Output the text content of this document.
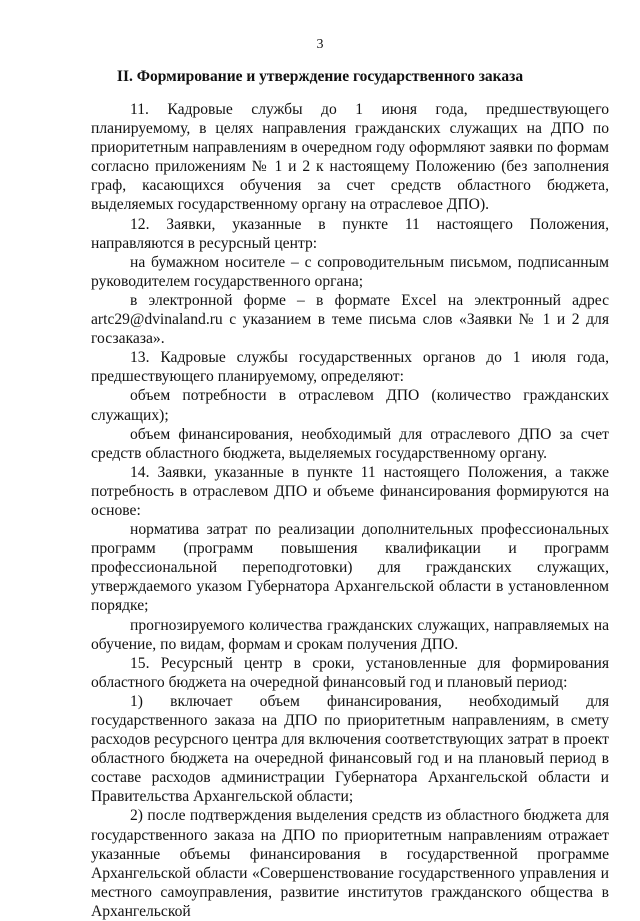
3
II. Формирование и утверждение государственного заказа

11. Кадровые службы до 1 июня года, предшествующего планируемому, в целях направления гражданских служащих на ДПО по приоритетным направлениям в очередном году оформляют заявки по формам согласно приложениям № 1 и 2 к настоящему Положению (без заполнения граф, касающихся обучения за счет средств областного бюджета, выделяемых государственному органу на отраслевое ДПО).

12. Заявки, указанные в пункте 11 настоящего Положения, направляются в ресурсный центр:

на бумажном носителе – с сопроводительным письмом, подписанным руководителем государственного органа;

в электронной форме – в формате Excel на электронный адрес artc29@dvinaland.ru с указанием в теме письма слов «Заявки № 1 и 2 для госзаказа».

13. Кадровые службы государственных органов до 1 июля года, предшествующего планируемому, определяют:

объем потребности в отраслевом ДПО (количество гражданских служащих);

объем финансирования, необходимый для отраслевого ДПО за счет средств областного бюджета, выделяемых государственному органу.

14. Заявки, указанные в пункте 11 настоящего Положения, а также потребность в отраслевом ДПО и объеме финансирования формируются на основе:

норматива затрат по реализации дополнительных профессиональных программ (программ повышения квалификации и программ профессиональной переподготовки) для гражданских служащих, утверждаемого указом Губернатора Архангельской области в установленном порядке;

прогнозируемого количества гражданских служащих, направляемых на обучение, по видам, формам и срокам получения ДПО.

15. Ресурсный центр в сроки, установленные для формирования областного бюджета на очередной финансовый год и плановый период:

1) включает объем финансирования, необходимый для государственного заказа на ДПО по приоритетным направлениям, в смету расходов ресурсного центра для включения соответствующих затрат в проект областного бюджета на очередной финансовый год и на плановый период в составе расходов администрации Губернатора Архангельской области и Правительства Архангельской области;

2) после подтверждения выделения средств из областного бюджета для государственного заказа на ДПО по приоритетным направлениям отражает указанные объемы финансирования в государственной программе Архангельской области «Совершенствование государственного управления и местного самоуправления, развитие институтов гражданского общества в Архангельской
